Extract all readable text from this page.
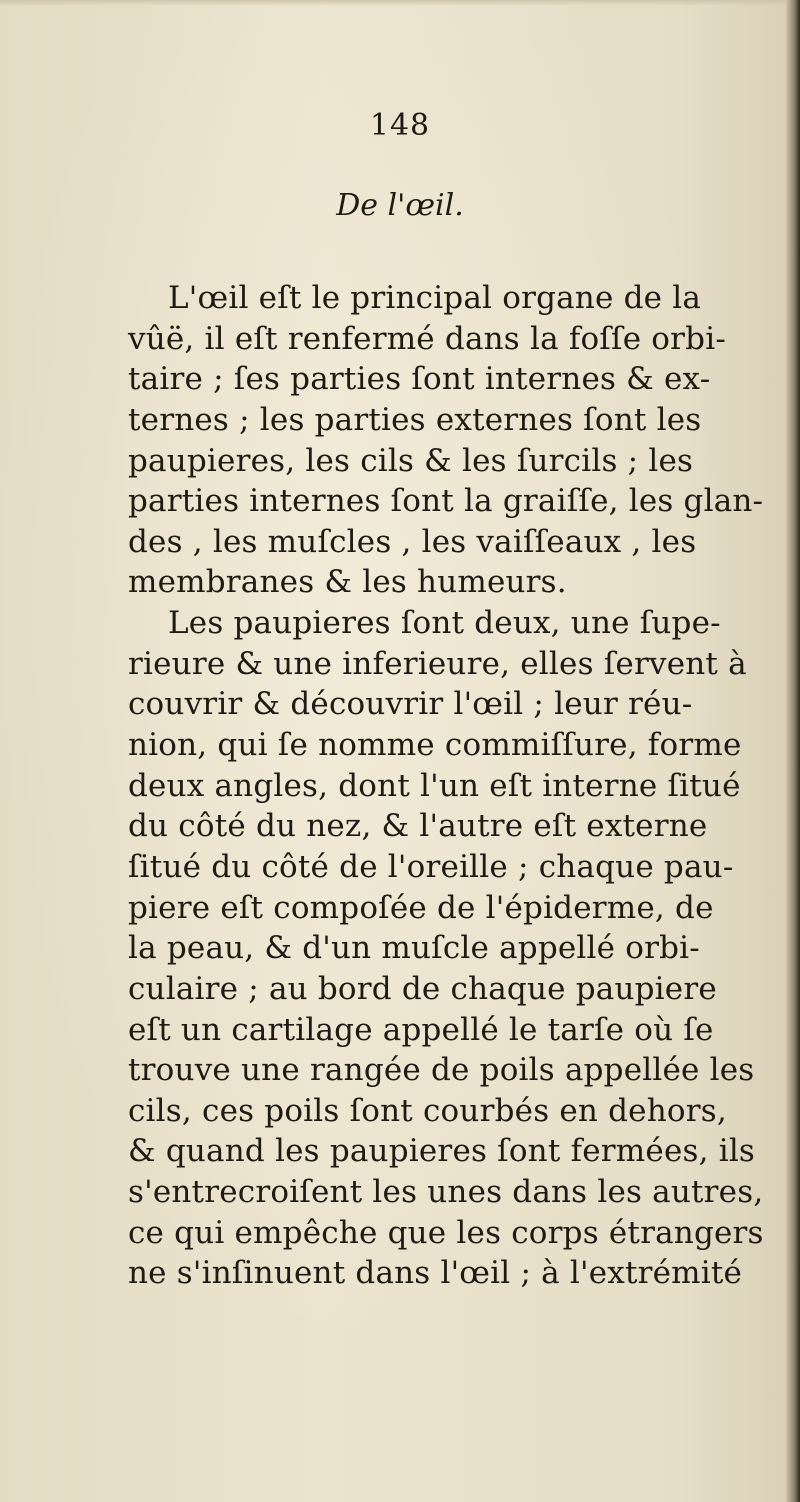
148
De l'œil.
L'œil eſt le principal organe de la
vûë, il eſt renfermé dans la foſſe orbi-
taire ; ſes parties ſont internes & ex-
ternes ; les parties externes ſont les
paupieres, les cils & les ſurcils ; les
parties internes ſont la graiſſe, les glan-
des , les muſcles , les vaiſſeaux , les
membranes & les humeurs.
Les paupieres ſont deux, une ſupe-
rieure & une inferieure, elles ſervent à
couvrir & découvrir l'œil ; leur réu-
nion, qui ſe nomme commiſſure, forme
deux angles, dont l'un eſt interne ſitué
du côté du nez, & l'autre eſt externe
ſitué du côté de l'oreille ; chaque pau-
piere eſt compoſée de l'épiderme, de
la peau, & d'un muſcle appellé orbi-
culaire ; au bord de chaque paupiere
eſt un cartilage appellé le tarſe où ſe
trouve une rangée de poils appellée les
cils, ces poils ſont courbés en dehors,
& quand les paupieres ſont fermées, ils
s'entrecroiſent les unes dans les autres,
ce qui empêche que les corps étrangers
ne s'inſinuent dans l'œil ; à l'extrémité
